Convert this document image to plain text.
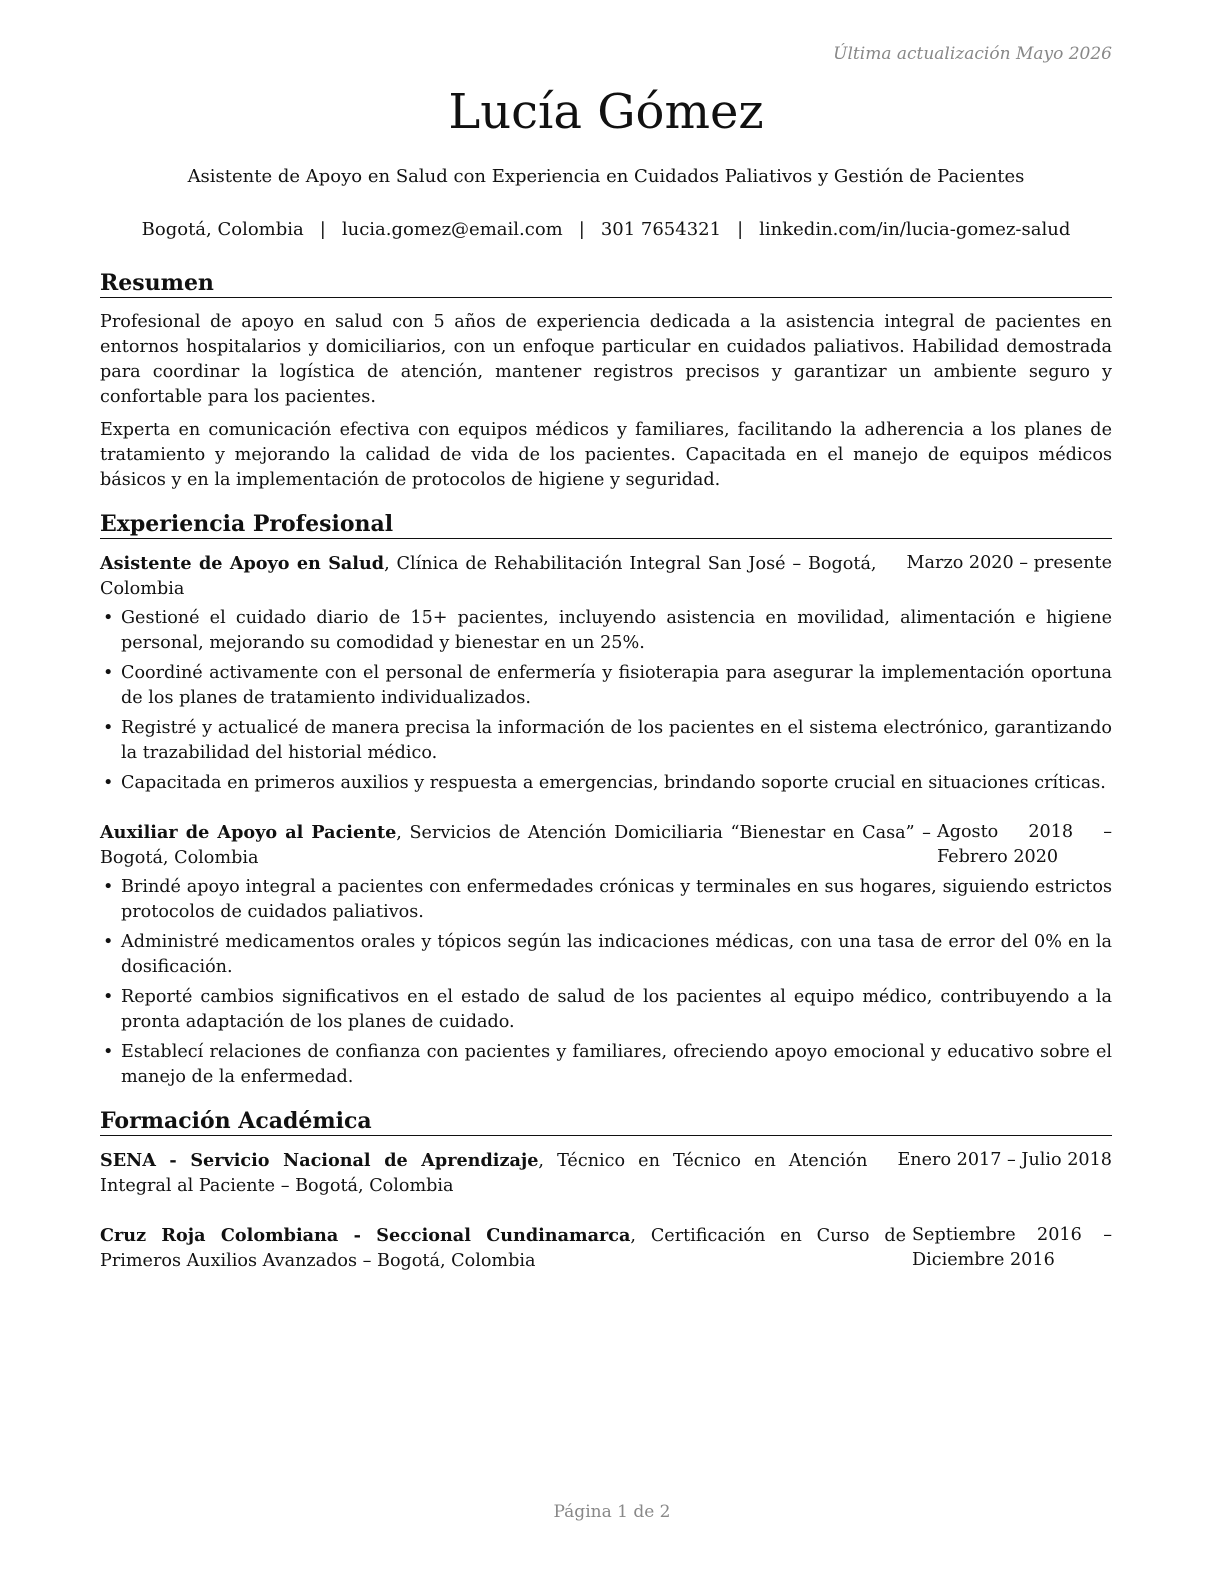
Última actualización Mayo 2026
Lucía Gómez
Asistente de Apoyo en Salud con Experiencia en Cuidados Paliativos y Gestión de Pacientes
Bogotá, Colombia | lucia.gomez@email.com | 301 7654321 | linkedin.com/in/lucia-gomez-salud
Resumen

Profesional de apoyo en salud con 5 años de experiencia dedicada a la asistencia integral de pacientes en entornos hospitalarios y domiciliarios, con un enfoque particular en cuidados paliativos. Habilidad demostrada para coordinar la logística de atención, mantener registros precisos y garantizar un ambiente seguro y confortable para los pacientes.

Experta en comunicación efectiva con equipos médicos y familiares, facilitando la adherencia a los planes de tratamiento y mejorando la calidad de vida de los pacientes. Capacitada en el manejo de equipos médicos básicos y en la implementación de protocolos de higiene y seguridad.

Experiencia Profesional
Asistente de Apoyo en Salud, Clínica de Rehabilitación Integral San José – Bogotá, Colombia
Marzo 2020 – presente
• Gestioné el cuidado diario de 15+ pacientes, incluyendo asistencia en movilidad, alimentación e higiene personal, mejorando su comodidad y bienestar en un 25%.
• Coordiné activamente con el personal de enfermería y fisioterapia para asegurar la implementación oportuna de los planes de tratamiento individualizados.
• Registré y actualicé de manera precisa la información de los pacientes en el sistema electrónico, garantizando la trazabilidad del historial médico.
• Capacitada en primeros auxilios y respuesta a emergencias, brindando soporte crucial en situaciones críticas.
Auxiliar de Apoyo al Paciente, Servicios de Atención Domiciliaria “Bienestar en Casa” – Bogotá, Colombia
Agosto 2018 – Febrero 2020
• Brindé apoyo integral a pacientes con enfermedades crónicas y terminales en sus hogares, siguiendo estrictos protocolos de cuidados paliativos.
• Administré medicamentos orales y tópicos según las indicaciones médicas, con una tasa de error del 0% en la dosificación.
• Reporté cambios significativos en el estado de salud de los pacientes al equipo médico, contribuyendo a la pronta adaptación de los planes de cuidado.
• Establecí relaciones de confianza con pacientes y familiares, ofreciendo apoyo emocional y educativo sobre el manejo de la enfermedad.
Formación Académica
SENA - Servicio Nacional de Aprendizaje, Técnico en Técnico en Atención Integral al Paciente – Bogotá, Colombia
Enero 2017 – Julio 2018
Cruz Roja Colombiana - Seccional Cundinamarca, Certificación en Curso de Primeros Auxilios Avanzados – Bogotá, Colombia
Septiembre 2016 – Diciembre 2016
Página 1 de 2
